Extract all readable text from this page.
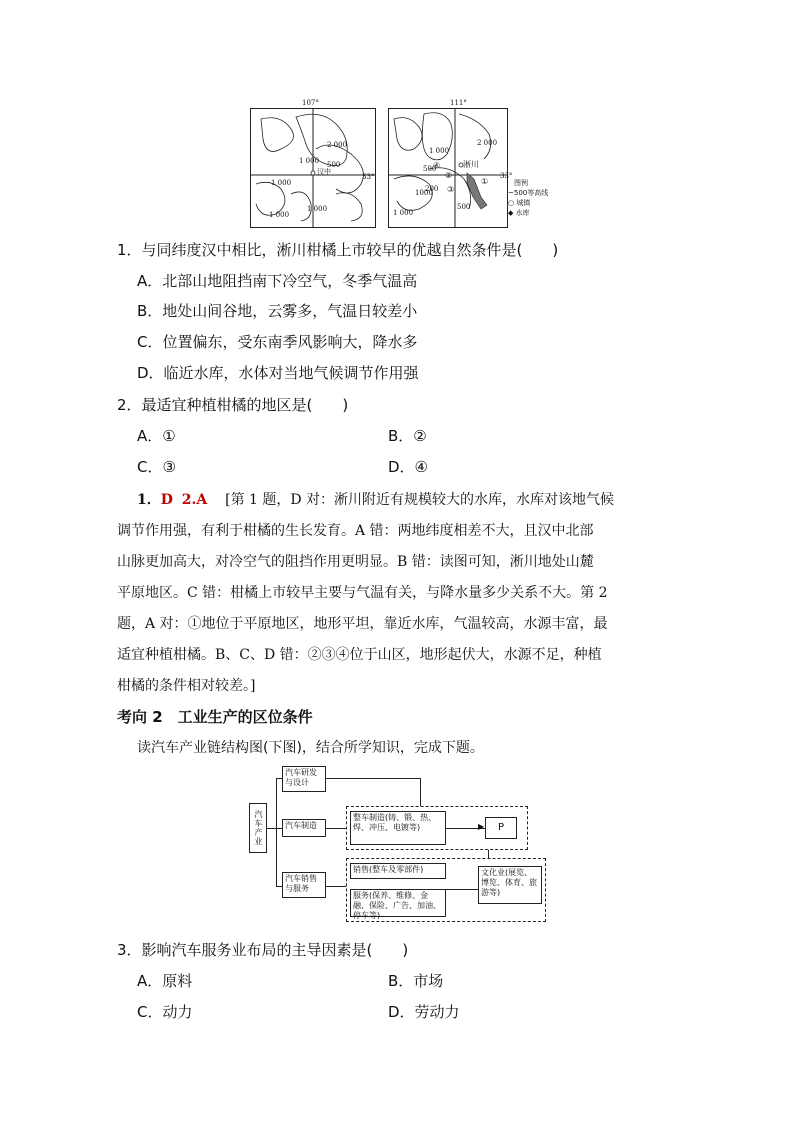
2 000
1 000
1 000
1 000
1 000
500
汉中
107°
33°
2 000
1 000
500
200
500
淅川
①
②
③
④
1 000
1000
111°
33°
图例
~500等高线
○ 城镇
◆ 水库
1．与同纬度汉中相比，淅川柑橘上市较早的优越自然条件是(　　)
A．北部山地阻挡南下冷空气，冬季气温高
B．地处山间谷地，云雾多，气温日较差小
C．位置偏东，受东南季风影响大，降水多
D．临近水库，水体对当地气候调节作用强
2．最适宜种植柑橘的地区是(　　)
A．①	B．②
C．③	D．④
1．D 2.A [第 1 题，D 对：淅川附近有规模较大的水库，水库对该地气候
调节作用强，有利于柑橘的生长发育。A 错：两地纬度相差不大，且汉中北部
山脉更加高大，对冷空气的阻挡作用更明显。B 错：读图可知，淅川地处山麓
平原地区。C 错：柑橘上市较早主要与气温有关，与降水量多少关系不大。第 2
题，A 对：①地位于平原地区，地形平坦，靠近水库，气温较高，水源丰富，最
适宜种植柑橘。B、C、D 错：②③④位于山区，地形起伏大，水源不足，种植
柑橘的条件相对较差。]
考向 2　工业生产的区位条件
读汽车产业链结构图(下图)，结合所学知识，完成下题。
汽车产业
汽车研发与设计
汽车制造
汽车销售与服务
整车制造(铸、锻、热、焊、冲压、电镀等)	▶	P
销售(整车及零部件)
服务(保养、维修、金融、保险、广告、加油、停车等)
文化业(展览、博览、体育、旅游等)
3．影响汽车服务业布局的主导因素是(　　)
A．原料	B．市场
C．动力	D．劳动力
